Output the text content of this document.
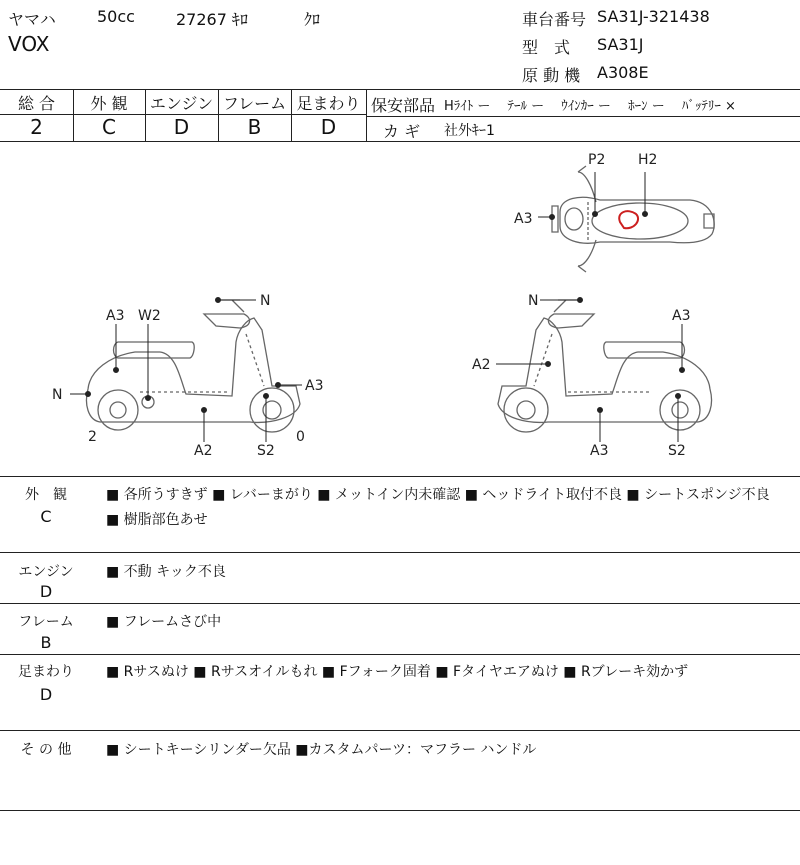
ヤマハ	50cc	27267 ｷﾛ	ｸﾛ
VOX
車台番号 SA31J-321438
型　式 SA31J
原 動 機 A308E
総 合
2
外 観
C
エンジン
D
フレーム
B
足まわり
D
保安部品 Hﾗｲﾄ ー　 ﾃｰﾙ ー　 ｳｲﾝｶｰ ー　 ﾎｰﾝ ー　 ﾊﾞｯﾃﾘｰ ×
カ ギ 社外ｷｰ1
P2 H2
A3
N
A3 W2
N
A3
2
A2	S2
0
N
A3
A2
A3	S2
外　観
C
■ 各所うすきず ■ レバーまがり ■ メットイン内未確認 ■ ヘッドライト取付不良 ■ シートスポンジ不良
■ 樹脂部色あせ
エンジン
D
■ 不動 キック不良
フレーム
B
■ フレームさび中
足まわり
D
■ Rサスぬけ ■ Rサスオイルもれ ■ Fフォーク固着 ■ Fタイヤエアぬけ ■ Rブレーキ効かず
そ の 他	■ シートキーシリンダー欠品 ■カスタムパーツ：マフラー ハンドル
